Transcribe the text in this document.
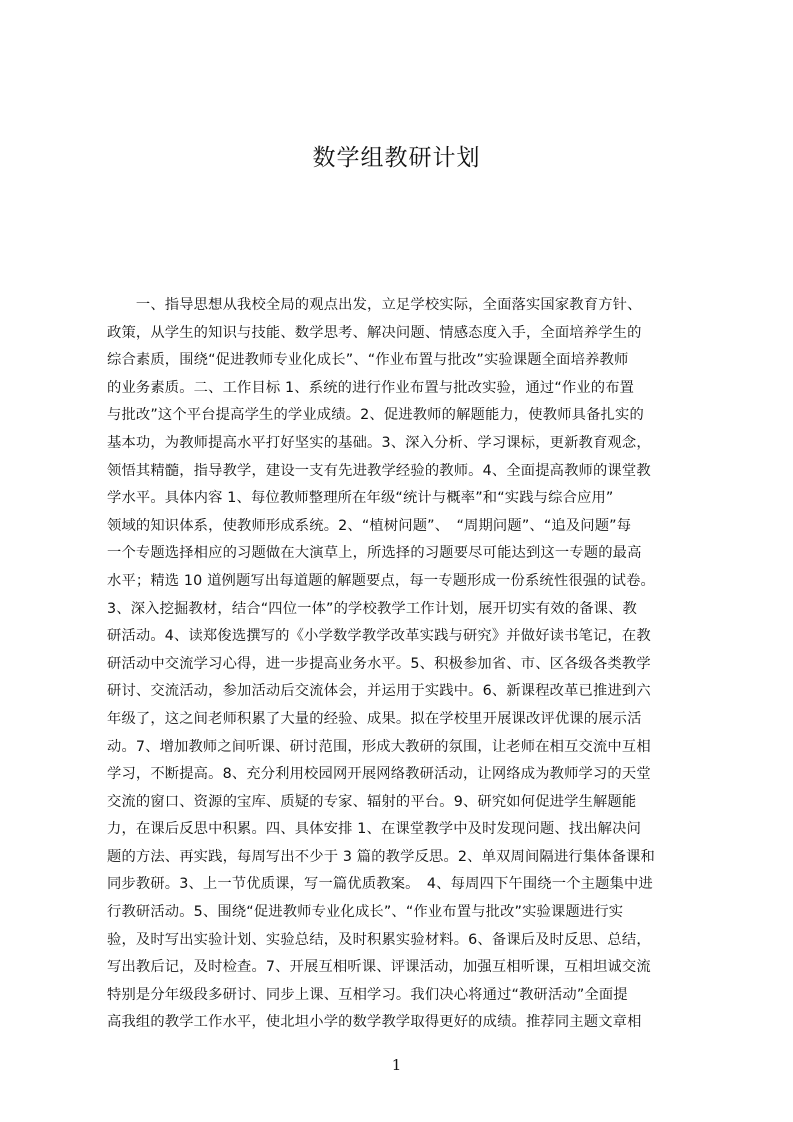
数学组教研计划
　　一、指导思想从我校全局的观点出发，立足学校实际，全面落实国家教育方针、
政策，从学生的知识与技能、数学思考、解决问题、情感态度入手，全面培养学生的
综合素质，围绕“促进教师专业化成长”、“作业布置与批改”实验课题全面培养教师
的业务素质。二、工作目标 1、系统的进行作业布置与批改实验，通过“作业的布置
与批改”这个平台提高学生的学业成绩。2、促进教师的解题能力，使教师具备扎实的
基本功，为教师提高水平打好坚实的基础。3、深入分析、学习课标，更新教育观念，
领悟其精髓，指导教学，建设一支有先进教学经验的教师。4、全面提高教师的课堂教
学水平。具体内容 1、每位教师整理所在年级“统计与概率”和“实践与综合应用”
领域的知识体系，使教师形成系统。2、“植树问题”、　“周期问题”、“追及问题”每
一个专题选择相应的习题做在大演草上，所选择的习题要尽可能达到这一专题的最高
水平；精选 10 道例题写出每道题的解题要点，每一专题形成一份系统性很强的试卷。
3、深入挖掘教材，结合“四位一体”的学校教学工作计划，展开切实有效的备课、教
研活动。4、读郑俊选撰写的《小学数学教学改革实践与研究》并做好读书笔记，在教
研活动中交流学习心得，进一步提高业务水平。5、积极参加省、市、区各级各类教学
研讨、交流活动，参加活动后交流体会，并运用于实践中。6、新课程改革已推进到六
年级了，这之间老师积累了大量的经验、成果。拟在学校里开展课改评优课的展示活
动。7、增加教师之间听课、研讨范围，形成大教研的氛围，让老师在相互交流中互相
学习，不断提高。8、充分利用校园网开展网络教研活动，让网络成为教师学习的天堂
交流的窗口、资源的宝库、质疑的专家、辐射的平台。9、研究如何促进学生解题能
力，在课后反思中积累。四、具体安排 1、在课堂教学中及时发现问题、找出解决问
题的方法、再实践，每周写出不少于 3 篇的教学反思。2、单双周间隔进行集体备课和
同步教研。3、上一节优质课，写一篇优质教案。　4、每周四下午围绕一个主题集中进
行教研活动。5、围绕“促进教师专业化成长”、“作业布置与批改”实验课题进行实
验，及时写出实验计划、实验总结，及时积累实验材料。6、备课后及时反思、总结，
写出教后记，及时检查。7、开展互相听课、评课活动，加强互相听课，互相坦诚交流
特别是分年级段多研讨、同步上课、互相学习。我们决心将通过“教研活动”全面提
高我组的教学工作水平，使北坦小学的数学教学取得更好的成绩。推荐同主题文章相
1
